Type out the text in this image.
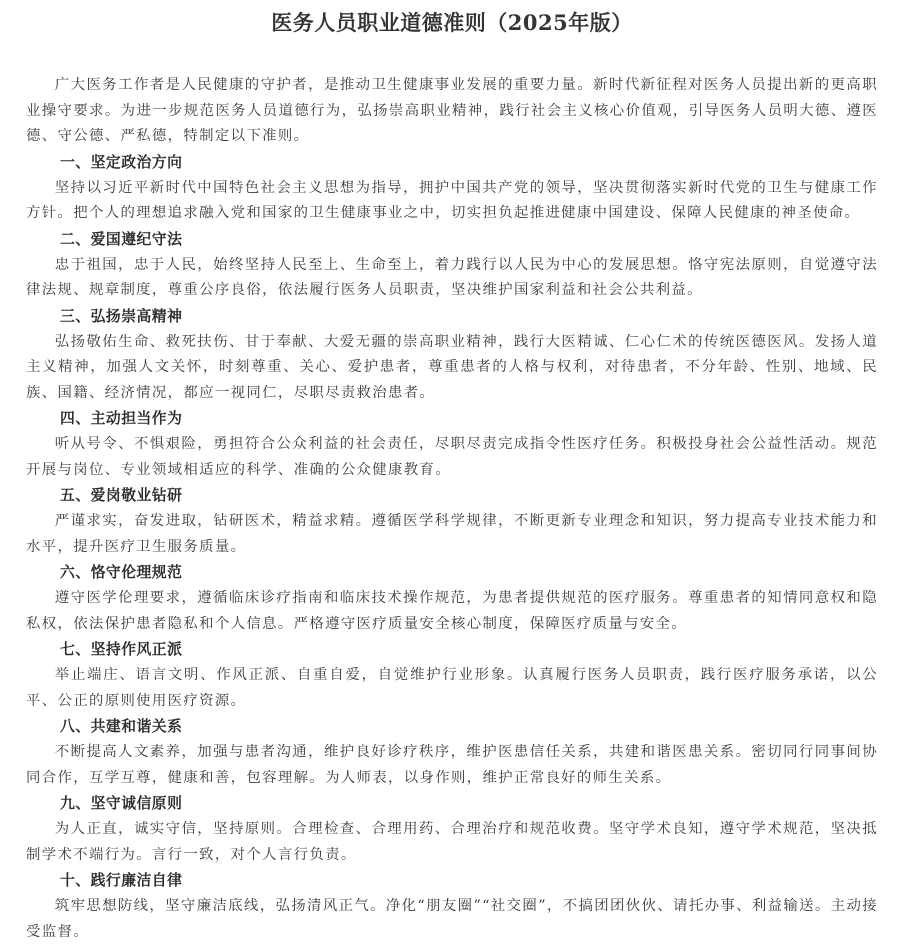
医务人员职业道德准则（2025年版）

广大医务工作者是人民健康的守护者，是推动卫生健康事业发展的重要力量。新时代新征程对医务人员提出新的更高职业操守要求。为进一步规范医务人员道德行为，弘扬崇高职业精神，践行社会主义核心价值观，引导医务人员明大德、遵医德、守公德、严私德，特制定以下准则。

一、坚定政治方向

坚持以习近平新时代中国特色社会主义思想为指导，拥护中国共产党的领导，坚决贯彻落实新时代党的卫生与健康工作方针。把个人的理想追求融入党和国家的卫生健康事业之中，切实担负起推进健康中国建设、保障人民健康的神圣使命。

二、爱国遵纪守法

忠于祖国，忠于人民，始终坚持人民至上、生命至上，着力践行以人民为中心的发展思想。恪守宪法原则，自觉遵守法律法规、规章制度，尊重公序良俗，依法履行医务人员职责，坚决维护国家利益和社会公共利益。

三、弘扬崇高精神

弘扬敬佑生命、救死扶伤、甘于奉献、大爱无疆的崇高职业精神，践行大医精诚、仁心仁术的传统医德医风。发扬人道主义精神，加强人文关怀，时刻尊重、关心、爱护患者，尊重患者的人格与权利，对待患者，不分年龄、性别、地域、民族、国籍、经济情况，都应一视同仁，尽职尽责救治患者。

四、主动担当作为

听从号令、不惧艰险，勇担符合公众利益的社会责任，尽职尽责完成指令性医疗任务。积极投身社会公益性活动。规范开展与岗位、专业领域相适应的科学、准确的公众健康教育。

五、爱岗敬业钻研

严谨求实，奋发进取，钻研医术，精益求精。遵循医学科学规律，不断更新专业理念和知识，努力提高专业技术能力和水平，提升医疗卫生服务质量。

六、恪守伦理规范

遵守医学伦理要求，遵循临床诊疗指南和临床技术操作规范，为患者提供规范的医疗服务。尊重患者的知情同意权和隐私权，依法保护患者隐私和个人信息。严格遵守医疗质量安全核心制度，保障医疗质量与安全。

七、坚持作风正派

举止端庄、语言文明、作风正派、自重自爱，自觉维护行业形象。认真履行医务人员职责，践行医疗服务承诺，以公平、公正的原则使用医疗资源。

八、共建和谐关系

不断提高人文素养，加强与患者沟通，维护良好诊疗秩序，维护医患信任关系，共建和谐医患关系。密切同行同事间协同合作，互学互尊，健康和善，包容理解。为人师表，以身作则，维护正常良好的师生关系。

九、坚守诚信原则

为人正直，诚实守信，坚持原则。合理检查、合理用药、合理治疗和规范收费。坚守学术良知，遵守学术规范，坚决抵制学术不端行为。言行一致，对个人言行负责。

十、践行廉洁自律

筑牢思想防线，坚守廉洁底线，弘扬清风正气。净化“朋友圈”“社交圈”，不搞团团伙伙、请托办事、利益输送。主动接受监督。
